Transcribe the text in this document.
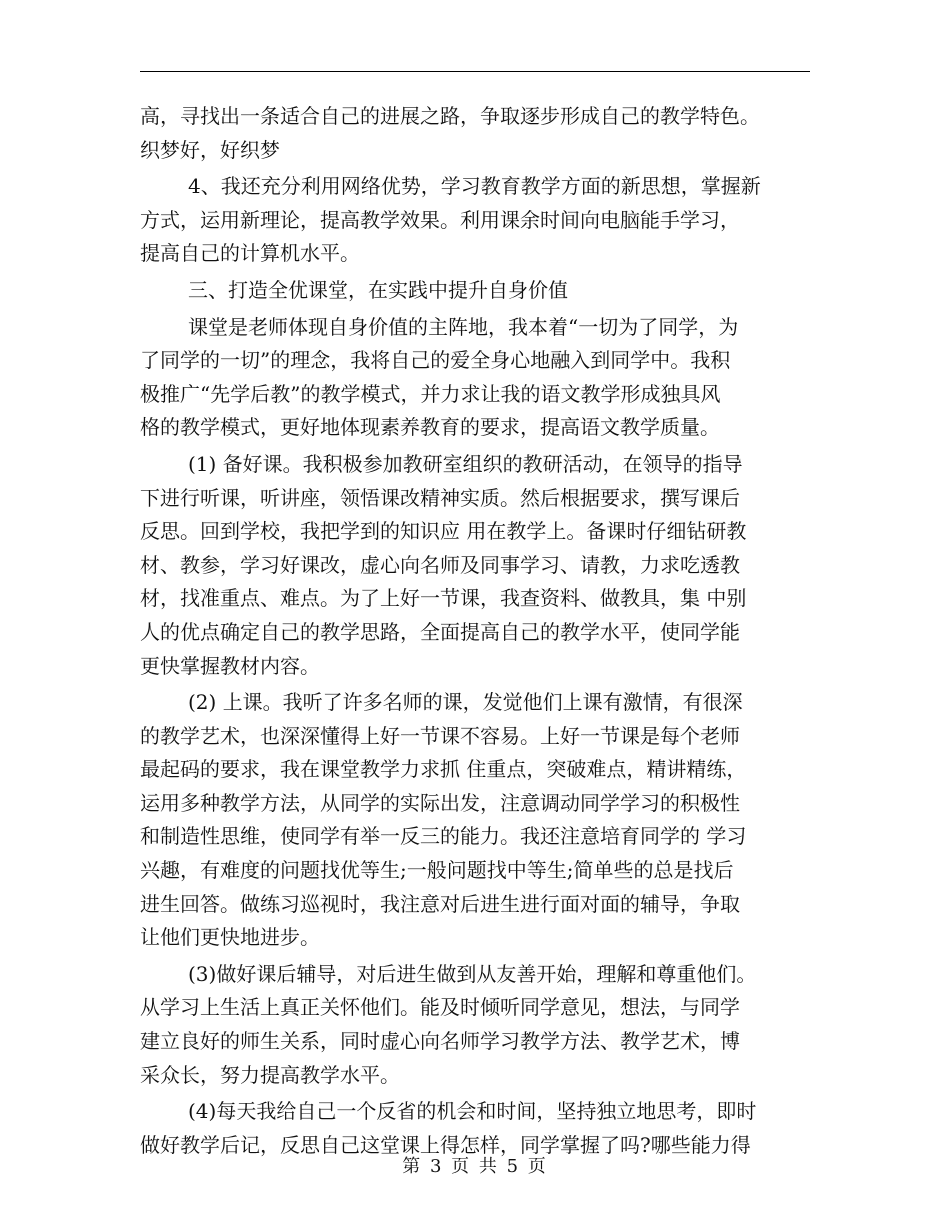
高，寻找出一条适合自己的进展之路，争取逐步形成自己的教学特色。
织梦好，好织梦
4、我还充分利用网络优势，学习教育教学方面的新思想，掌握新
方式，运用新理论，提高教学效果。利用课余时间向电脑能手学习，
提高自己的计算机水平。
三、打造全优课堂，在实践中提升自身价值
课堂是老师体现自身价值的主阵地，我本着“一切为了同学，为
了同学的一切”的理念，我将自己的爱全身心地融入到同学中。我积
极推广“先学后教”的教学模式，并力求让我的语文教学形成独具风
格的教学模式，更好地体现素养教育的要求，提高语文教学质量。
(1) 备好课。我积极参加教研室组织的教研活动，在领导的指导
下进行听课，听讲座，领悟课改精神实质。然后根据要求，撰写课后
反思。回到学校，我把学到的知识应 用在教学上。备课时仔细钻研教
材、教参，学习好课改，虚心向名师及同事学习、请教，力求吃透教
材，找准重点、难点。为了上好一节课，我查资料、做教具，集 中别
人的优点确定自己的教学思路，全面提高自己的教学水平，使同学能
更快掌握教材内容。
(2) 上课。我听了许多名师的课，发觉他们上课有激情，有很深
的教学艺术，也深深懂得上好一节课不容易。上好一节课是每个老师
最起码的要求，我在课堂教学力求抓 住重点，突破难点，精讲精练，
运用多种教学方法，从同学的实际出发，注意调动同学学习的积极性
和制造性思维，使同学有举一反三的能力。我还注意培育同学的 学习
兴趣，有难度的问题找优等生;一般问题找中等生;简单些的总是找后
进生回答。做练习巡视时，我注意对后进生进行面对面的辅导，争取
让他们更快地进步。
(3)做好课后辅导，对后进生做到从友善开始，理解和尊重他们。
从学习上生活上真正关怀他们。能及时倾听同学意见，想法，与同学
建立良好的师生关系，同时虚心向名师学习教学方法、教学艺术，博
采众长，努力提高教学水平。
(4)每天我给自己一个反省的机会和时间，坚持独立地思考，即时
做好教学后记，反思自己这堂课上得怎样，同学掌握了吗?哪些能力得
第 3 页 共 5 页
